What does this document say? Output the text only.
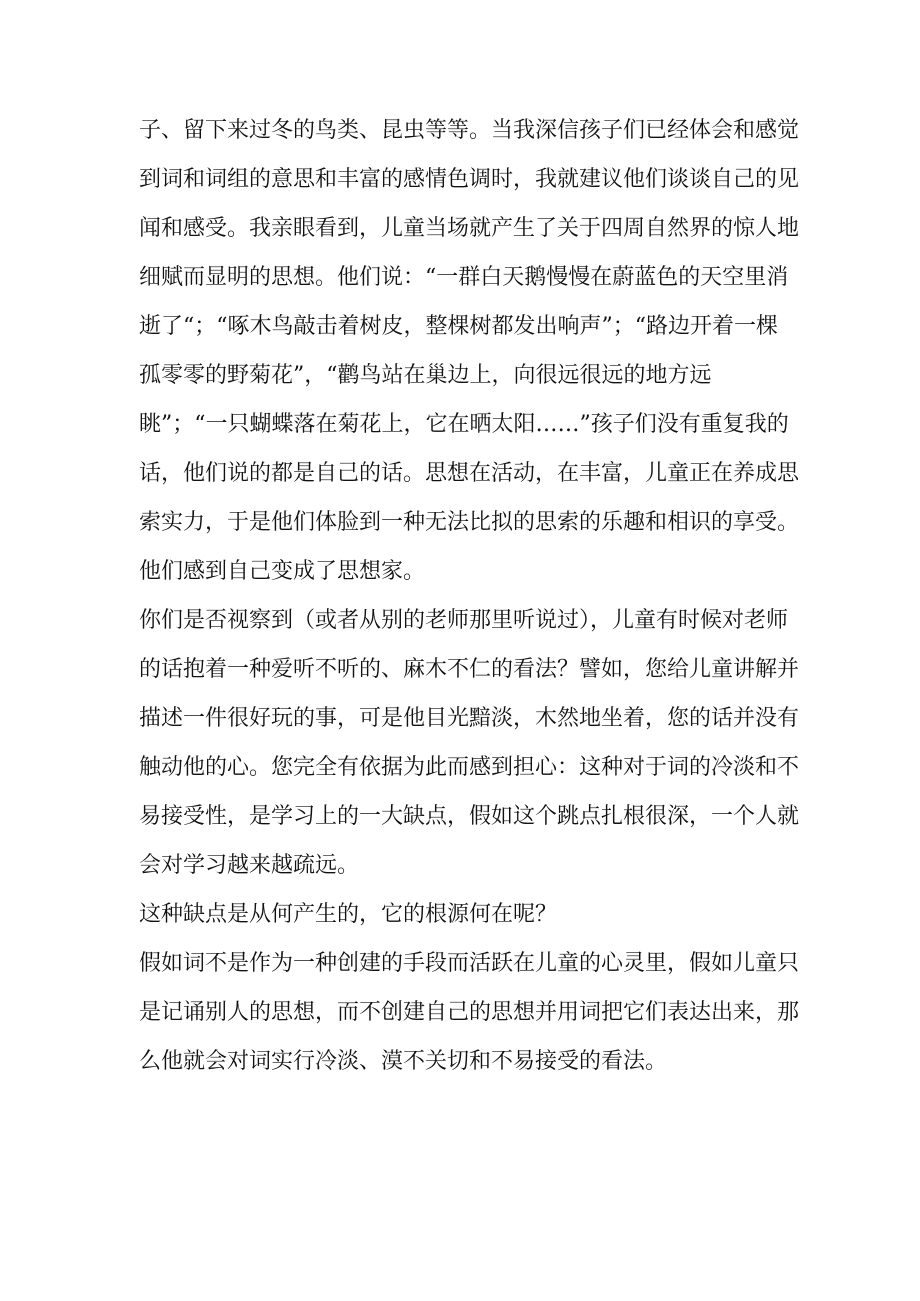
子、留下来过冬的鸟类、昆虫等等。当我深信孩子们已经体会和感觉到词和词组的意思和丰富的感情色调时，我就建议他们谈谈自己的见闻和感受。我亲眼看到，儿童当场就产生了关于四周自然界的惊人地细赋而显明的思想。他们说：“一群白天鹅慢慢在蔚蓝色的天空里消逝了“；“啄木鸟敲击着树皮，整棵树都发出响声”；“路边开着一棵孤零零的野菊花”，“鹳鸟站在巢边上，向很远很远的地方远眺”；“一只蝴蝶落在菊花上，它在晒太阳……”孩子们没有重复我的话，他们说的都是自己的话。思想在活动，在丰富，儿童正在养成思索实力，于是他们体脸到一种无法比拟的思索的乐趣和相识的享受。他们感到自己变成了思想家。

你们是否视察到（或者从别的老师那里听说过），儿童有时候对老师的话抱着一种爱听不听的、麻木不仁的看法？譬如，您给儿童讲解并描述一件很好玩的事，可是他目光黯淡，木然地坐着，您的话并没有触动他的心。您完全有依据为此而感到担心：这种对于词的冷淡和不易接受性，是学习上的一大缺点，假如这个跳点扎根很深，一个人就会对学习越来越疏远。

这种缺点是从何产生的，它的根源何在呢？

假如词不是作为一种创建的手段而活跃在儿童的心灵里，假如儿童只是记诵别人的思想，而不创建自己的思想并用词把它们表达出来，那么他就会对词实行冷淡、漠不关切和不易接受的看法。
